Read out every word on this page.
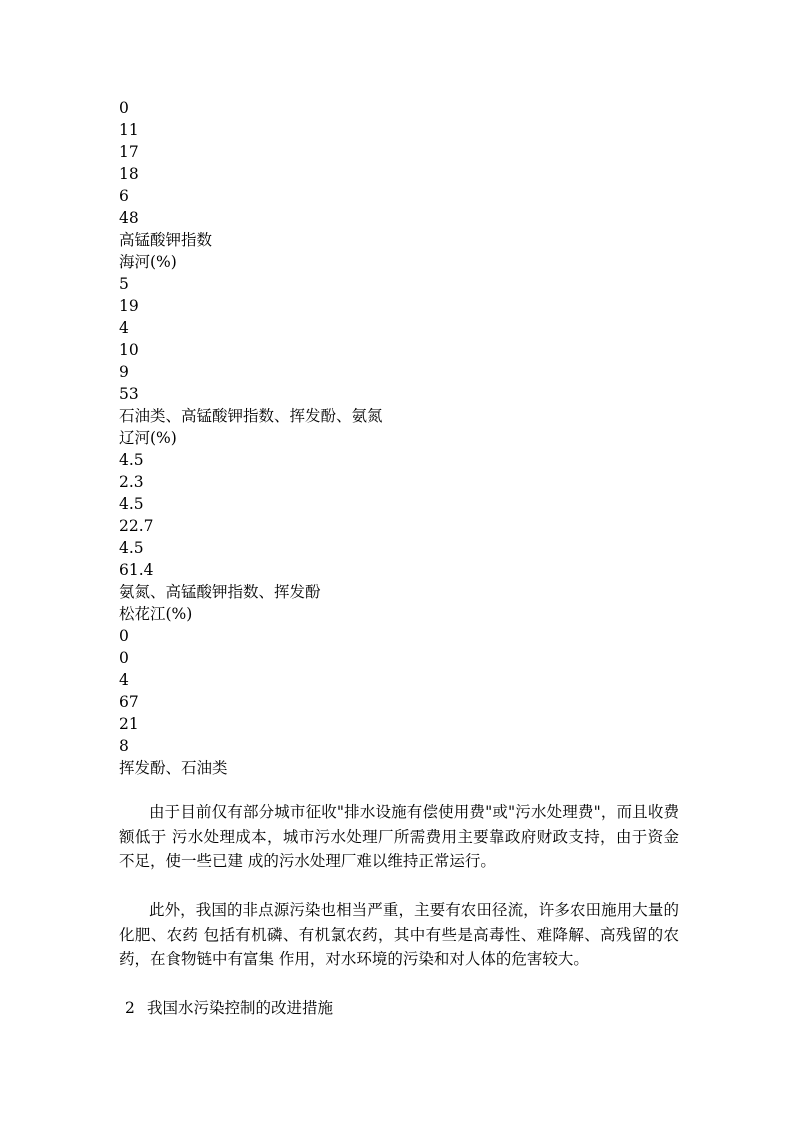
0
11
17
18
6
48
高锰酸钾指数
海河(%)
5
19
4
10
9
53
石油类、高锰酸钾指数、挥发酚、氨氮
辽河(%)
4.5
2.3
4.5
22.7
4.5
61.4
氨氮、高锰酸钾指数、挥发酚
松花江(%)
0
0
4
67
21
8
挥发酚、石油类

由于目前仅有部分城市征收"排水设施有偿使用费"或"污水处理费"，而且收费额低于 污水处理成本，城市污水处理厂所需费用主要靠政府财政支持，由于资金不足，使一些已建 成的污水处理厂难以维持正常运行。

此外，我国的非点源污染也相当严重，主要有农田径流，许多农田施用大量的化肥、农药 包括有机磷、有机氯农药，其中有些是高毒性、难降解、高残留的农药，在食物链中有富集 作用，对水环境的污染和对人体的危害较大。

2 我国水污染控制的改进措施
